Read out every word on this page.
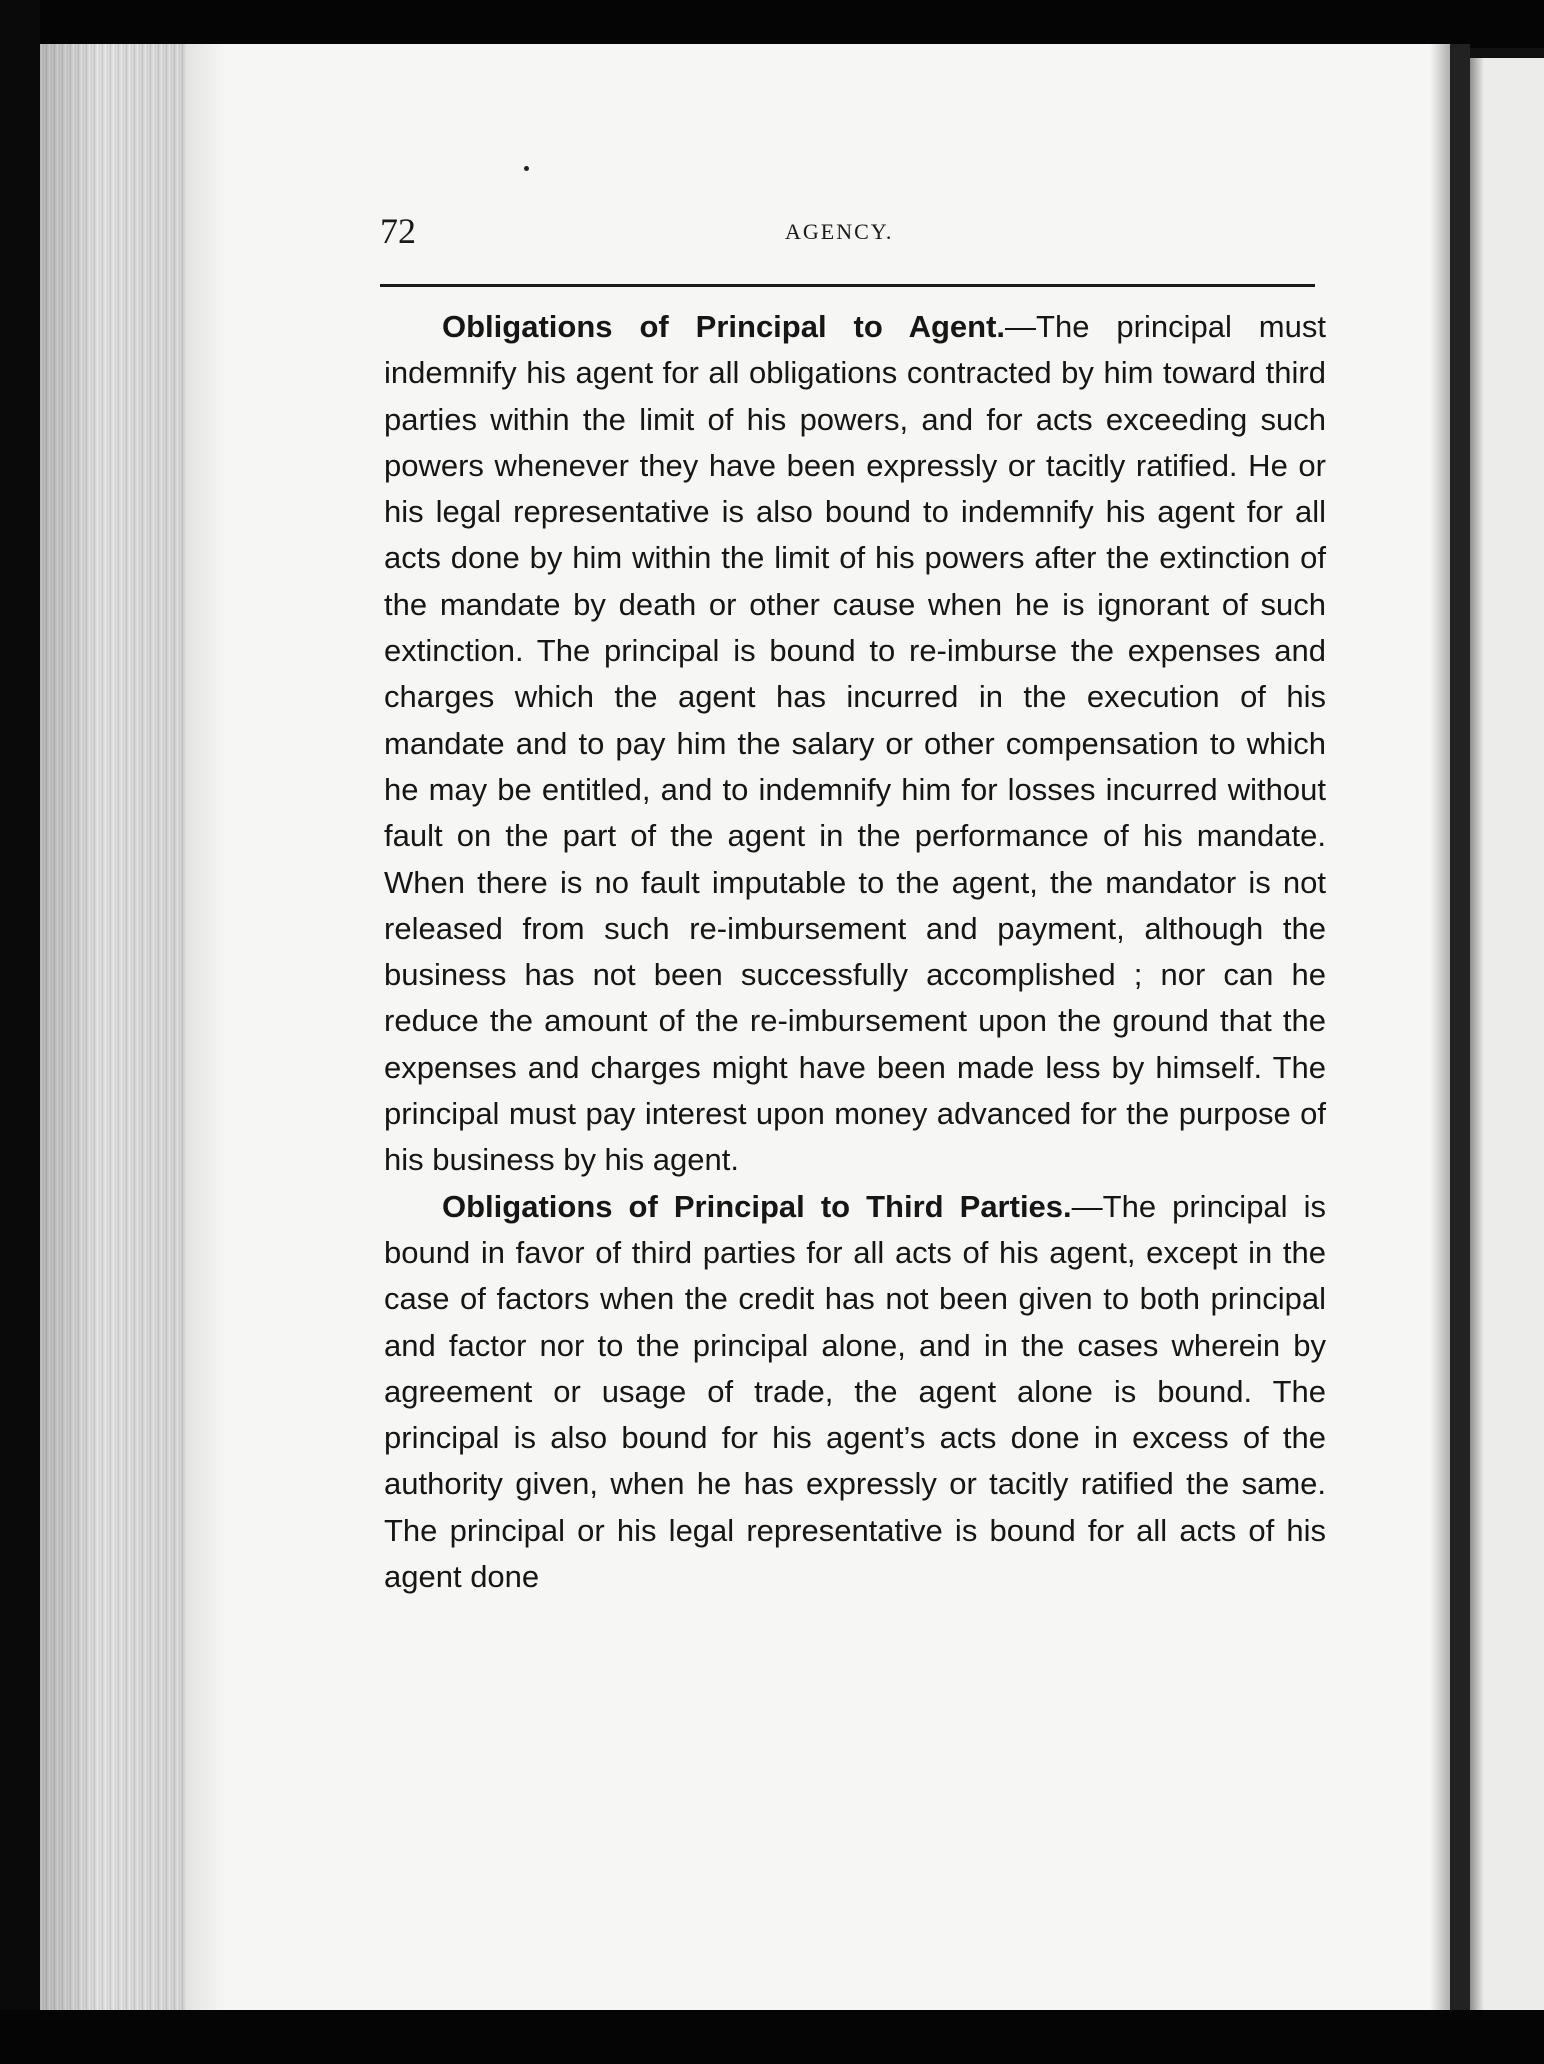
72	AGENCY.

Obligations of Principal to Agent.—The principal must indemnify his agent for all obligations contracted by him toward third parties within the limit of his powers, and for acts exceeding such powers whenever they have been expressly or tacitly ratified. He or his legal representative is also bound to indemnify his agent for all acts done by him within the limit of his powers after the extinction of the mandate by death or other cause when he is ignorant of such extinction. The principal is bound to re-imburse the expenses and charges which the agent has incurred in the execution of his mandate and to pay him the salary or other compensation to which he may be entitled, and to indemnify him for losses incurred without fault on the part of the agent in the performance of his mandate. When there is no fault imputable to the agent, the mandator is not released from such re-imbursement and payment, although the business has not been successfully accomplished ; nor can he reduce the amount of the re-imbursement upon the ground that the expenses and charges might have been made less by himself. The principal must pay interest upon money advanced for the purpose of his business by his agent.

Obligations of Principal to Third Parties.—The principal is bound in favor of third parties for all acts of his agent, except in the case of factors when the credit has not been given to both principal and factor nor to the principal alone, and in the cases wherein by agreement or usage of trade, the agent alone is bound. The principal is also bound for his agent’s acts done in excess of the authority given, when he has expressly or tacitly ratified the same. The principal or his legal representative is bound for all acts of his agent done
